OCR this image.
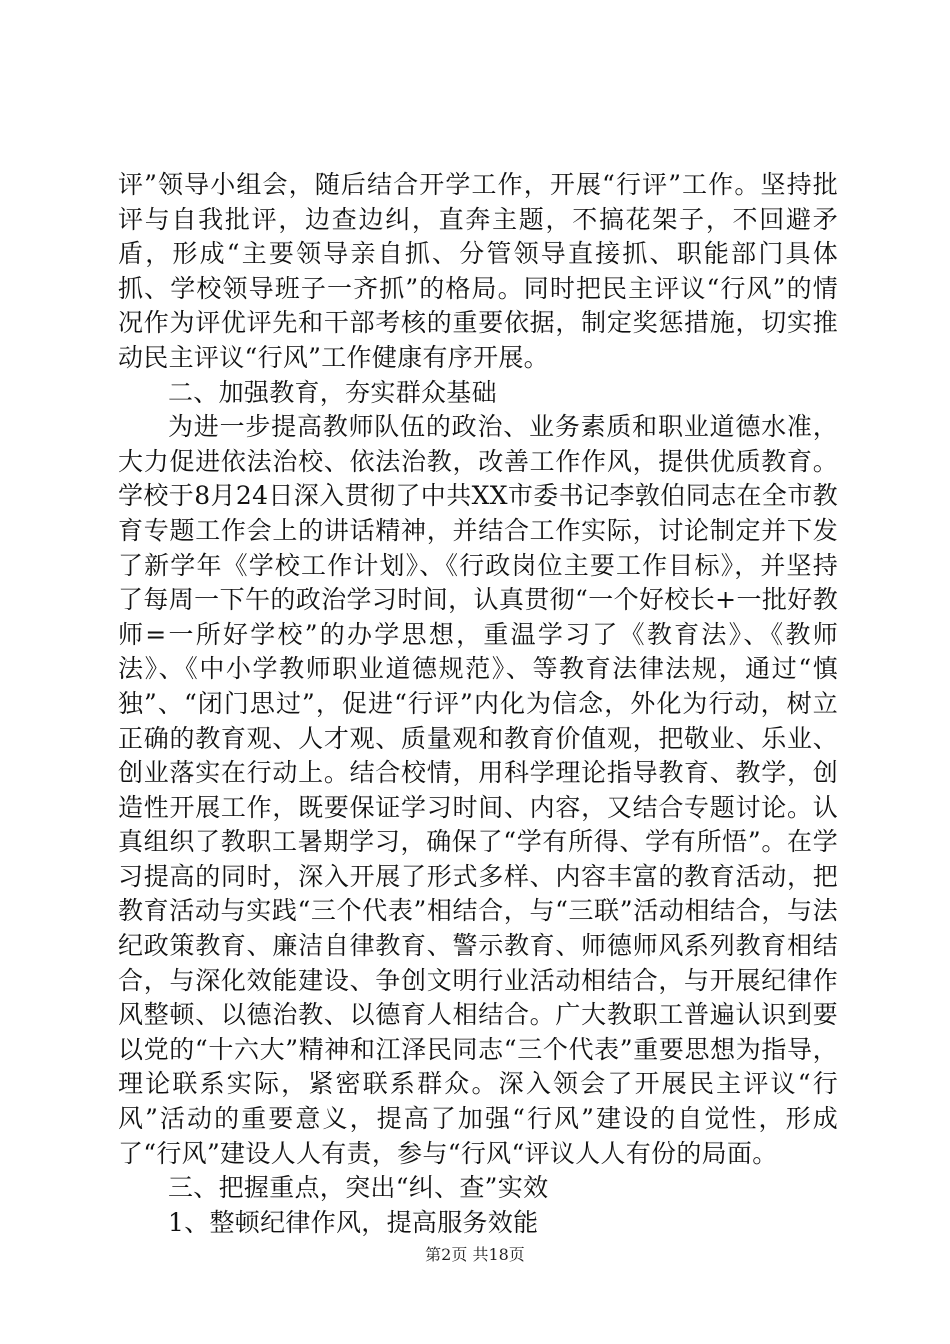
评”领导小组会，随后结合开学工作，开展“行评”工作。坚持批评与自我批评，边查边纠，直奔主题，不搞花架子，不回避矛盾，形成“主要领导亲自抓、分管领导直接抓、职能部门具体抓、学校领导班子一齐抓”的格局。同时把民主评议“行风”的情况作为评优评先和干部考核的重要依据，制定奖惩措施，切实推动民主评议“行风”工作健康有序开展。

二、加强教育，夯实群众基础

为进一步提高教师队伍的政治、业务素质和职业道德水准，大力促进依法治校、依法治教，改善工作作风，提供优质教育。学校于8月24日深入贯彻了中共XX市委书记李敦伯同志在全市教育专题工作会上的讲话精神，并结合工作实际，讨论制定并下发了新学年《学校工作计划》、《行政岗位主要工作目标》，并坚持了每周一下午的政治学习时间，认真贯彻“一个好校长+一批好教师=一所好学校”的办学思想，重温学习了《教育法》、《教师法》、《中小学教师职业道德规范》、等教育法律法规，通过“慎独”、“闭门思过”，促进“行评”内化为信念，外化为行动，树立正确的教育观、人才观、质量观和教育价值观，把敬业、乐业、创业落实在行动上。结合校情，用科学理论指导教育、教学，创造性开展工作，既要保证学习时间、内容，又结合专题讨论。认真组织了教职工暑期学习，确保了“学有所得、学有所悟”。在学习提高的同时，深入开展了形式多样、内容丰富的教育活动，把教育活动与实践“三个代表”相结合，与“三联”活动相结合，与法纪政策教育、廉洁自律教育、警示教育、师德师风系列教育相结合，与深化效能建设、争创文明行业活动相结合，与开展纪律作风整顿、以德治教、以德育人相结合。广大教职工普遍认识到要以党的“十六大”精神和江泽民同志“三个代表”重要思想为指导，理论联系实际，紧密联系群众。深入领会了开展民主评议“行风”活动的重要意义，提高了加强“行风”建设的自觉性，形成了“行风”建设人人有责，参与“行风“评议人人有份的局面。

三、把握重点，突出“纠、查”实效

1、整顿纪律作风，提高服务效能

第2页 共18页
